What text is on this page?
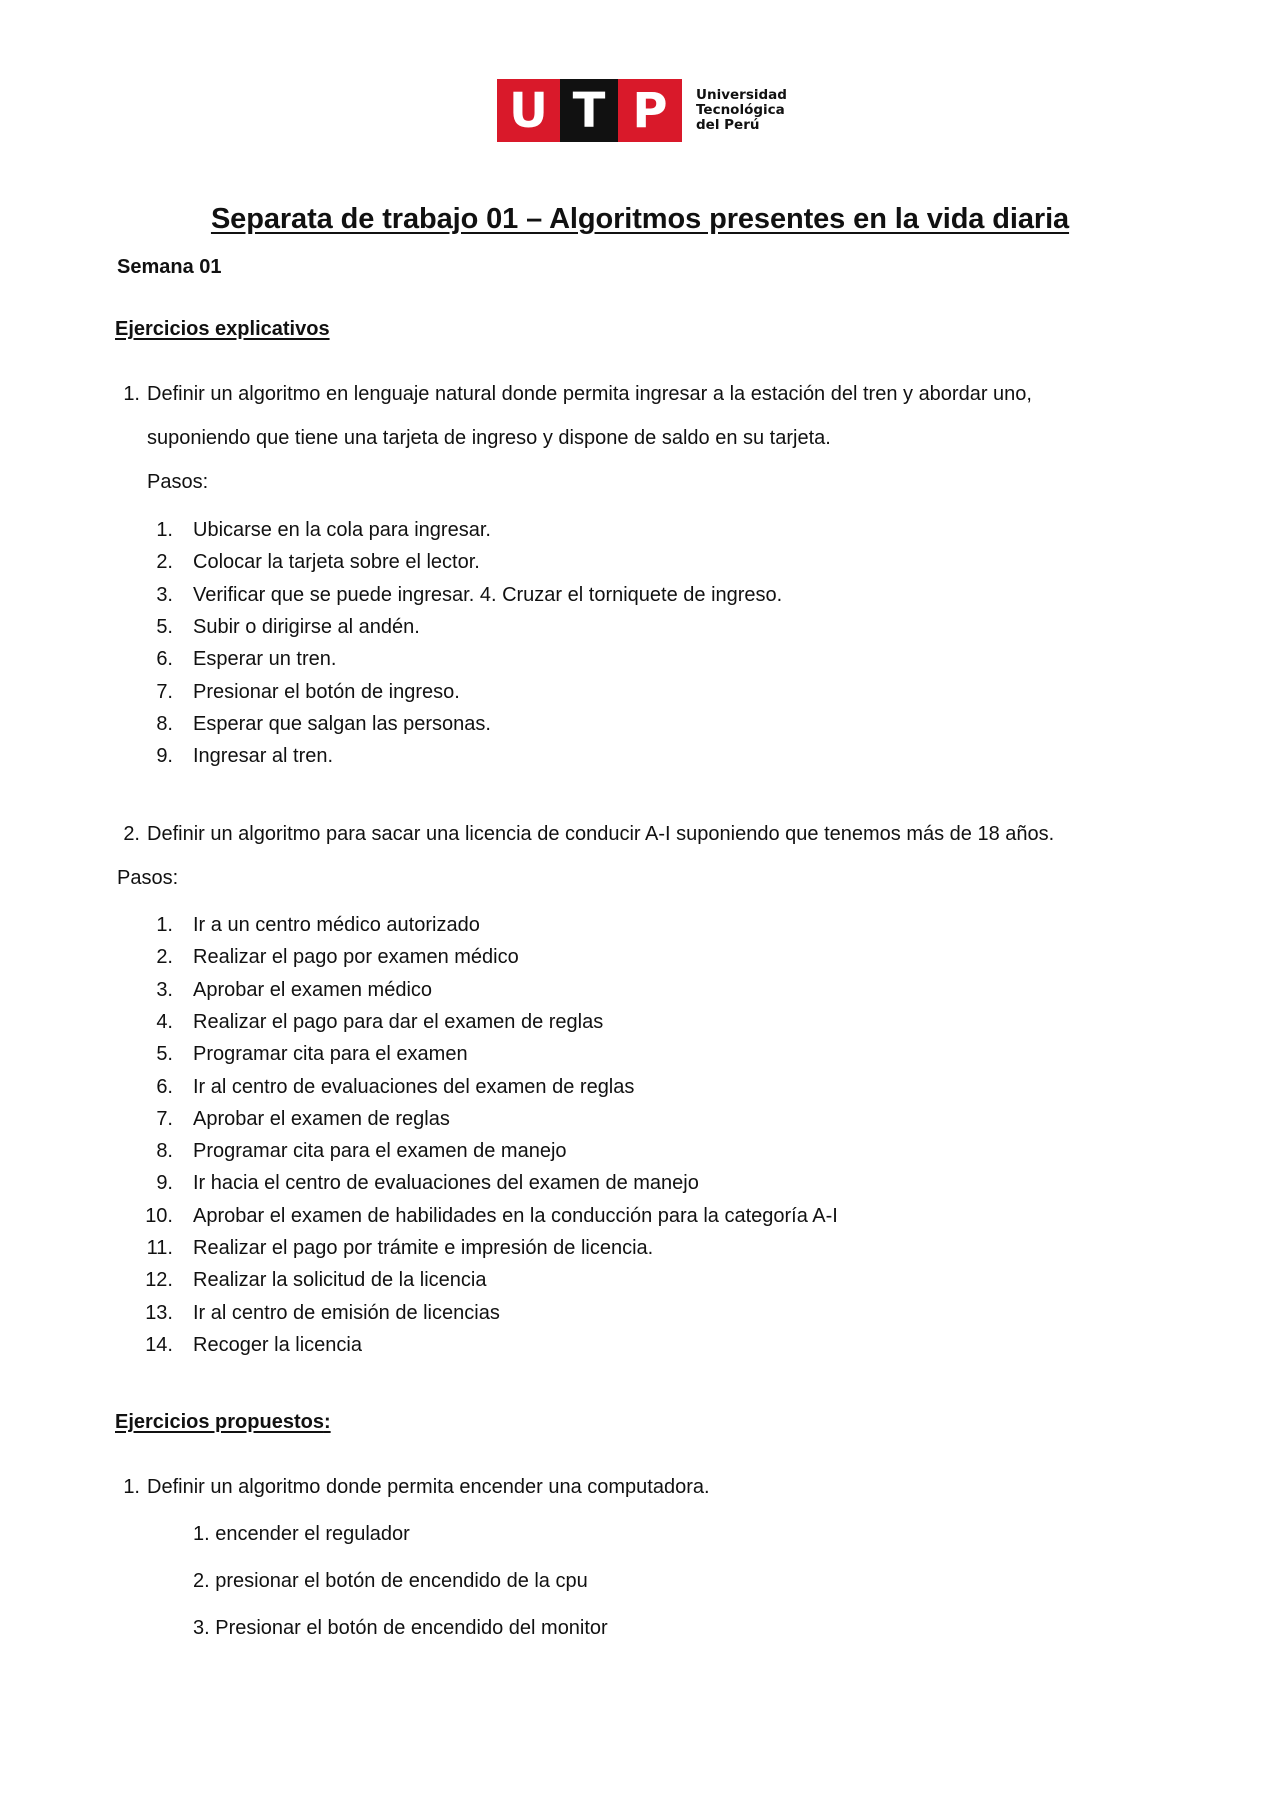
U T P	Universidad
Tecnológica
del Perú
Separata de trabajo 01 – Algoritmos presentes en la vida diaria
Semana 01
Ejercicios explicativos
1. Definir un algoritmo en lenguaje natural donde permita ingresar a la estación del tren y abordar uno,
suponiendo que tiene una tarjeta de ingreso y dispone de saldo en su tarjeta.
Pasos:
1. Ubicarse en la cola para ingresar.
2. Colocar la tarjeta sobre el lector.
3. Verificar que se puede ingresar. 4. Cruzar el torniquete de ingreso.
5. Subir o dirigirse al andén.
6. Esperar un tren.
7. Presionar el botón de ingreso.
8. Esperar que salgan las personas.
9. Ingresar al tren.
2. Definir un algoritmo para sacar una licencia de conducir A-I suponiendo que tenemos más de 18 años.
Pasos:
1. Ir a un centro médico autorizado
2. Realizar el pago por examen médico
3. Aprobar el examen médico
4. Realizar el pago para dar el examen de reglas
5. Programar cita para el examen
6. Ir al centro de evaluaciones del examen de reglas
7. Aprobar el examen de reglas
8. Programar cita para el examen de manejo
9. Ir hacia el centro de evaluaciones del examen de manejo
10. Aprobar el examen de habilidades en la conducción para la categoría A-I
11. Realizar el pago por trámite e impresión de licencia.
12. Realizar la solicitud de la licencia
13. Ir al centro de emisión de licencias
14. Recoger la licencia
Ejercicios propuestos:
1. Definir un algoritmo donde permita encender una computadora.
1. encender el regulador
2. presionar el botón de encendido de la cpu
3. Presionar el botón de encendido del monitor
